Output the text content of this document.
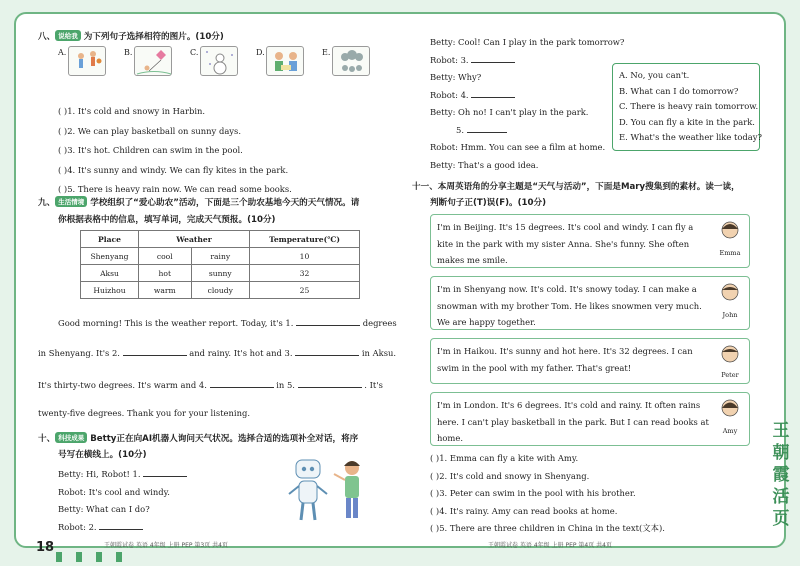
八、 说给我 为下列句子选择相符的图片。(10分)
A.	B.	C.	D.	E.
( )1. It's cold and snowy in Harbin.
( )2. We can play basketball on sunny days.
( )3. It's hot. Children can swim in the pool.
( )4. It's sunny and windy. We can fly kites in the park.
( )5. There is heavy rain now. We can read some books.
九、 生活情境 学校组织了“爱心助农”活动，下面是三个助农基地今天的天气情况。请
你根据表格中的信息，填写单词，完成天气预报。(10分)
Place	Weather		Temperature(℃)
Shenyang	cool	rainy	10
Aksu	hot	sunny	32
Huizhou	warm	cloudy	25
Good morning! This is the weather report. Today, it's 1.	degrees
in Shenyang. It's 2.	and rainy. It's hot and 3.	in Aksu.
It's thirty-two degrees. It's warm and 4.	in 5.	. It's
twenty-five degrees. Thank you for your listening.
十、 科技成果 Betty正在向AI机器人询问天气状况。选择合适的选项补全对话，将序
号写在横线上。(10分)
Betty: Hi, Robot! 1.
Robot: It's cool and windy.
Betty: What can I do?
Robot: 2.
18	王朝霞试卷 英语 4年级 上册 PEP 第3页 共4页
Betty: Cool! Can I play in the park tomorrow?
Robot: 3.
Betty: Why?
Robot: 4.
Betty: Oh no! I can't play in the park.
5.
Robot: Hmm. You can see a film at home.
Betty: That's a good idea.
A. No, you can't.
B. What can I do tomorrow?
C. There is heavy rain tomorrow.
D. You can fly a kite in the park.
E. What's the weather like today?
十一、本周英语角的分享主题是“天气与活动”，下面是Mary搜集到的素材。读一读，
判断句子正(T)误(F)。(10分)
I'm in Beijing. It's 15 degrees. It's cool and windy. I can fly a kite in the park with my sister Anna. She's funny. She often makes me smile.
Emma
I'm in Shenyang now. It's cold. It's snowy today. I can make a snowman with my brother Tom. He likes snowmen very much. We are happy together.
John
I'm in Haikou. It's sunny and hot here. It's 32 degrees. I can swim in the pool with my father. That's great!
Peter
I'm in London. It's 6 degrees. It's cold and rainy. It often rains here. I can't play basketball in the park. But I can read books at home.
Amy
( )1. Emma can fly a kite with Amy.
( )2. It's cold and snowy in Shenyang.
( )3. Peter can swim in the pool with his brother.
( )4. It's rainy. Amy can read books at home.
( )5. There are three children in China in the text(文本).
王朝霞试卷 英语 4年级 上册 PEP 第4页 共4页
王朝霞活页
